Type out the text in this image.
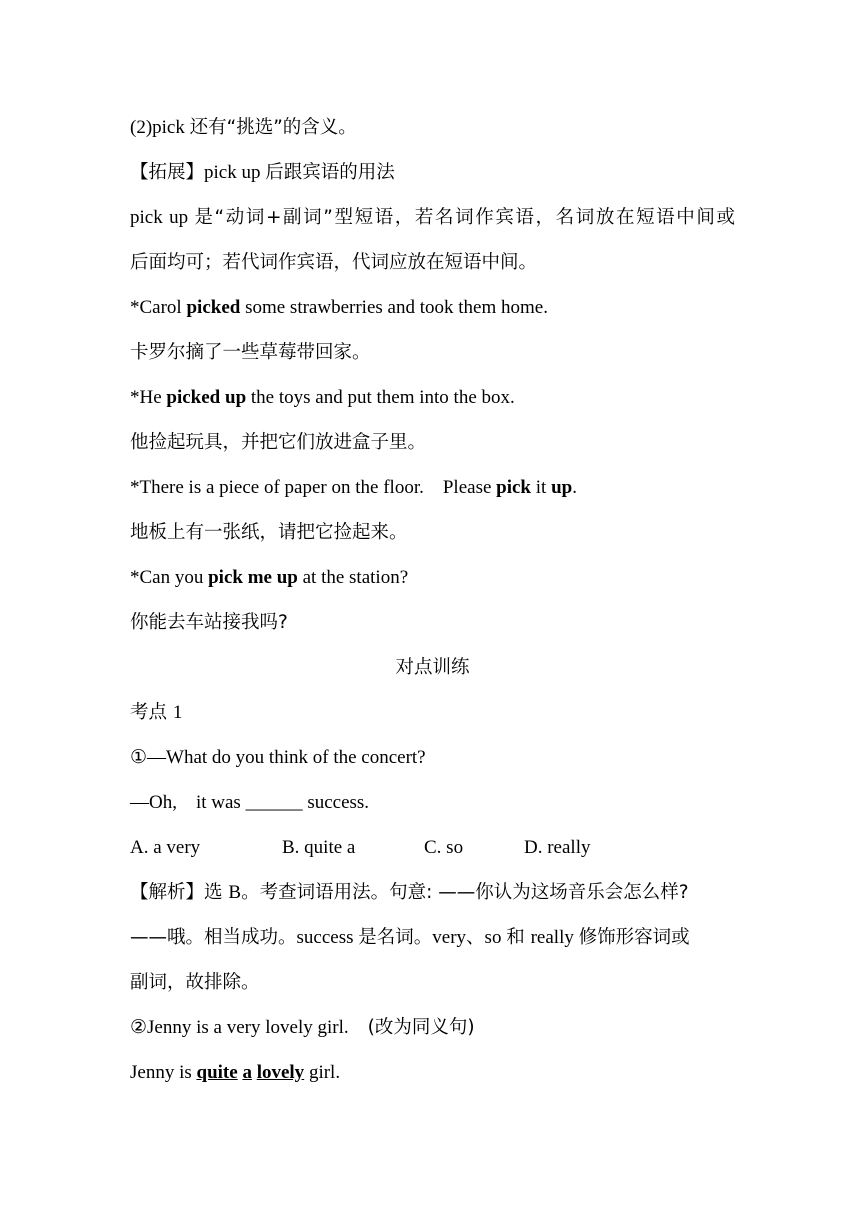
(2)pick 还有“挑选”的含义。
【拓展】pick up 后跟宾语的用法
pick up 是“动词+副词”型短语，若名词作宾语，名词放在短语中间或
后面均可；若代词作宾语，代词应放在短语中间。
*Carol picked some strawberries and took them home.
卡罗尔摘了一些草莓带回家。
*He picked up the toys and put them into the box.
他捡起玩具，并把它们放进盒子里。
*There is a piece of paper on the floor.    Please pick it up.
地板上有一张纸，请把它捡起来。
*Can you pick me up at the station?
你能去车站接我吗?
对点训练
考点 1
①—What do you think of the concert?
—Oh,    it was ______ success.
A. a very	B. quite a	C. so	D. really
【解析】选 B。考查词语用法。句意: ——你认为这场音乐会怎么样?
——哦。相当成功。success 是名词。very、so 和 really 修饰形容词或
副词，故排除。
②Jenny is a very lovely girl.    (改为同义句)
Jenny is quite a lovely girl.
